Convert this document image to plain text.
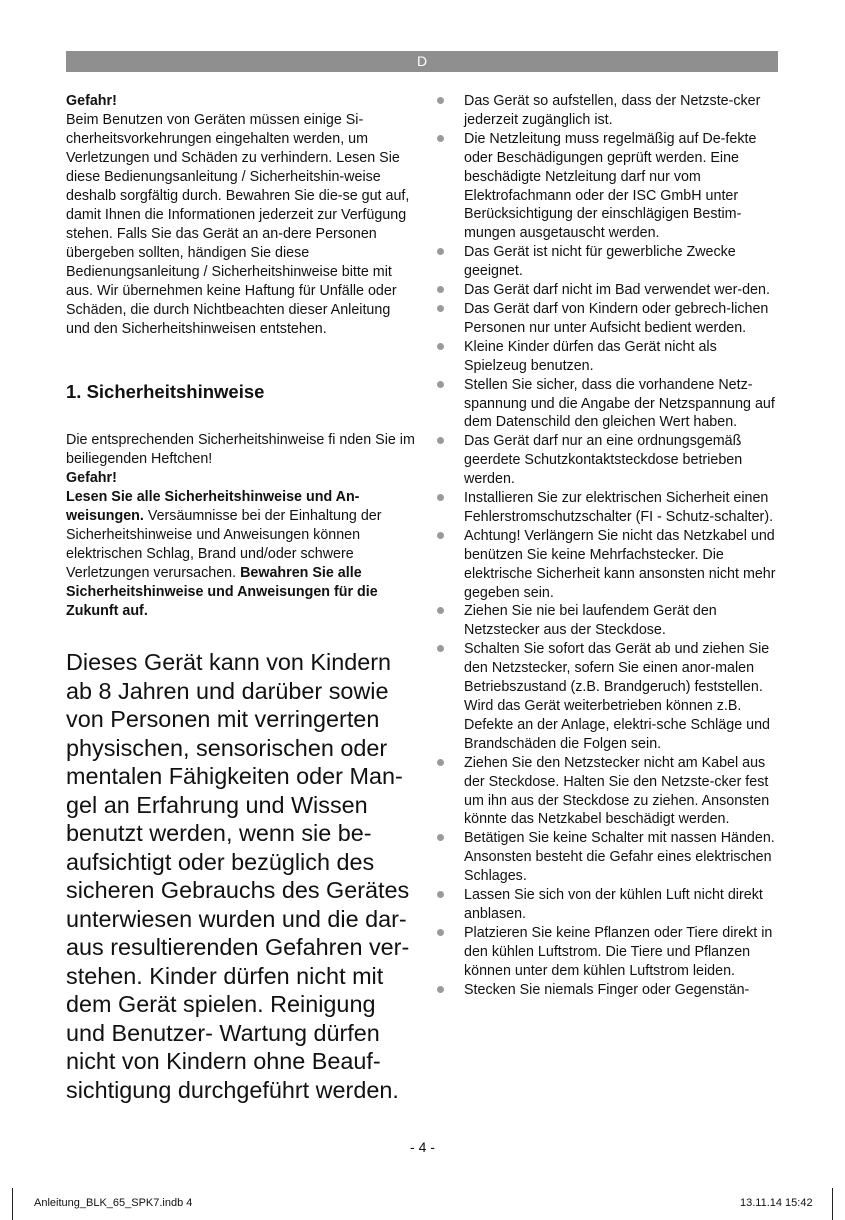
D

Gefahr!

Beim Benutzen von Geräten müssen einige Si-cherheitsvorkehrungen eingehalten werden, um Verletzungen und Schäden zu verhindern. Lesen Sie diese Bedienungsanleitung / Sicherheitshin-weise deshalb sorgfältig durch. Bewahren Sie die-se gut auf, damit Ihnen die Informationen jederzeit zur Verfügung stehen. Falls Sie das Gerät an an-dere Personen übergeben sollten, händigen Sie diese Bedienungsanleitung / Sicherheitshinweise bitte mit aus. Wir übernehmen keine Haftung für Unfälle oder Schäden, die durch Nichtbeachten dieser Anleitung und den Sicherheitshinweisen entstehen.

1. Sicherheitshinweise

Die entsprechenden Sicherheitshinweise fi nden Sie im beiliegenden Heftchen!

Gefahr!

Lesen Sie alle Sicherheitshinweise und An-weisungen. Versäumnisse bei der Einhaltung der Sicherheitshinweise und Anweisungen können elektrischen Schlag, Brand und/oder schwere Verletzungen verursachen. Bewahren Sie alle Sicherheitshinweise und Anweisungen für die Zukunft auf.

Dieses Gerät kann von Kindern ab 8 Jahren und darüber sowie von Personen mit verringerten physischen, sensorischen oder mentalen Fähigkeiten oder Man-gel an Erfahrung und Wissen benutzt werden, wenn sie be-aufsichtigt oder bezüglich des sicheren Gebrauchs des Gerätes unterwiesen wurden und die dar-aus resultierenden Gefahren ver-stehen. Kinder dürfen nicht mit dem Gerät spielen. Reinigung und Benutzer- Wartung dürfen nicht von Kindern ohne Beauf-sichtigung durchgeführt werden.

Das Gerät so aufstellen, dass der Netzste-cker jederzeit zugänglich ist.
Die Netzleitung muss regelmäßig auf De-fekte oder Beschädigungen geprüft werden. Eine beschädigte Netzleitung darf nur vom Elektrofachmann oder der ISC GmbH unter Berücksichtigung der einschlägigen Bestim-mungen ausgetauscht werden.
Das Gerät ist nicht für gewerbliche Zwecke geeignet.
Das Gerät darf nicht im Bad verwendet wer-den.
Das Gerät darf von Kindern oder gebrech-lichen Personen nur unter Aufsicht bedient werden.
Kleine Kinder dürfen das Gerät nicht als Spielzeug benutzen.
Stellen Sie sicher, dass die vorhandene Netz-spannung und die Angabe der Netzspannung auf dem Datenschild den gleichen Wert haben.
Das Gerät darf nur an eine ordnungsgemäß geerdete Schutzkontaktsteckdose betrieben werden.
Installieren Sie zur elektrischen Sicherheit einen Fehlerstromschutzschalter (FI - Schutz-schalter).
Achtung! Verlängern Sie nicht das Netzkabel und benützen Sie keine Mehrfachstecker. Die elektrische Sicherheit kann ansonsten nicht mehr gegeben sein.
Ziehen Sie nie bei laufendem Gerät den Netzstecker aus der Steckdose.
Schalten Sie sofort das Gerät ab und ziehen Sie den Netzstecker, sofern Sie einen anor-malen Betriebszustand (z.B. Brandgeruch) feststellen. Wird das Gerät weiterbetrieben können z.B. Defekte an der Anlage, elektri-sche Schläge und Brandschäden die Folgen sein.
Ziehen Sie den Netzstecker nicht am Kabel aus der Steckdose. Halten Sie den Netzste-cker fest um ihn aus der Steckdose zu ziehen. Ansonsten könnte das Netzkabel beschädigt werden.
Betätigen Sie keine Schalter mit nassen Händen. Ansonsten besteht die Gefahr eines elektrischen Schlages.
Lassen Sie sich von der kühlen Luft nicht direkt anblasen.
Platzieren Sie keine Pflanzen oder Tiere direkt in den kühlen Luftstrom. Die Tiere und Pflanzen können unter dem kühlen Luftstrom leiden.
Stecken Sie niemals Finger oder Gegenstän-
- 4 -
Anleitung_BLK_65_SPK7.indb 4	13.11.14 15:42
